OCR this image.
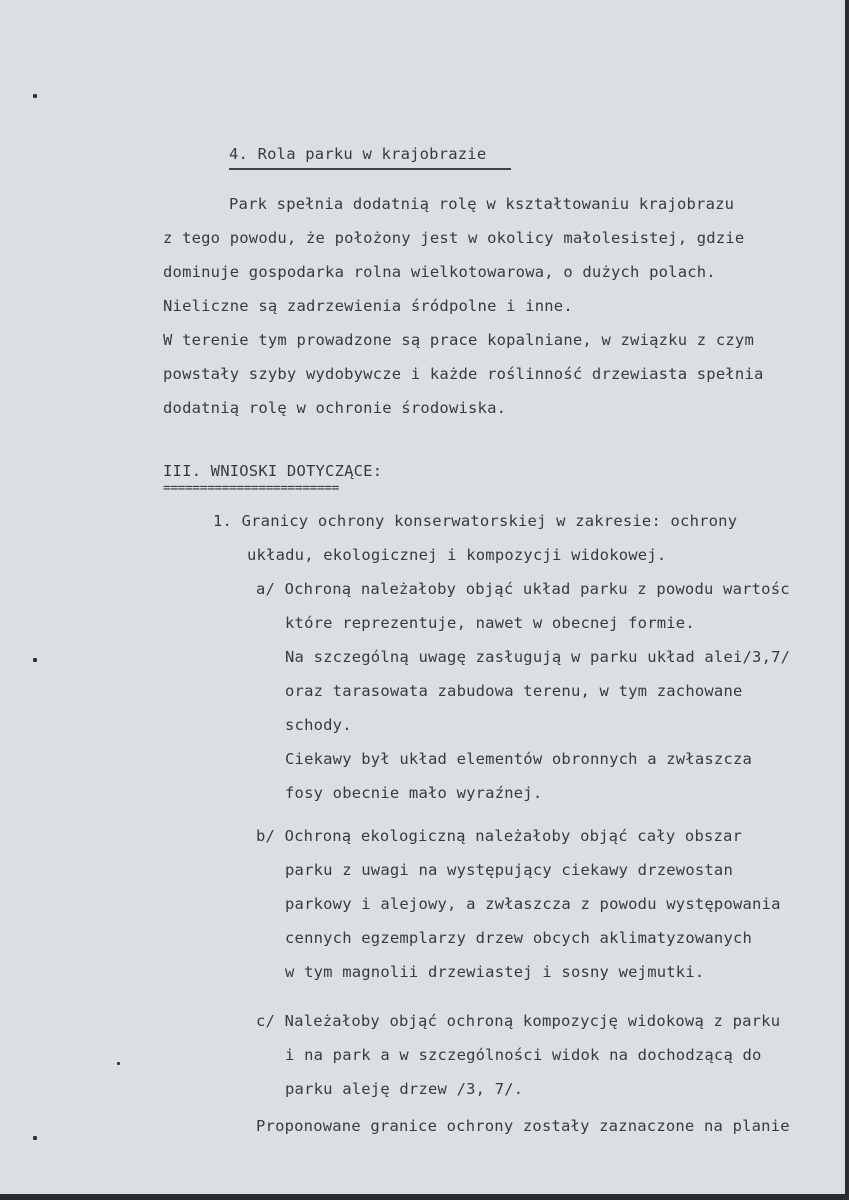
4. Rola parku w krajobrazie
Park spełnia dodatnią rolę w kształtowaniu krajobrazu
z tego powodu, że położony jest w okolicy małolesistej, gdzie
dominuje gospodarka rolna wielkotowarowa, o dużych polach.
Nieliczne są zadrzewienia śródpolne i inne.
W terenie tym prowadzone są prace kopalniane, w związku z czym
powstały szyby wydobywcze i każde roślinność drzewiasta spełnia
dodatnią rolę w ochronie środowiska.
III. WNIOSKI DOTYCZĄCE:
========================
1. Granicy ochrony konserwatorskiej w zakresie: ochrony
układu, ekologicznej i kompozycji widokowej.
a/ Ochroną należałoby objąć układ parku z powodu wartośc
które reprezentuje, nawet w obecnej formie.
Na szczególną uwagę zasługują w parku układ alei/3,7/
oraz tarasowata zabudowa terenu, w tym zachowane
schody.
Ciekawy był układ elementów obronnych a zwłaszcza
fosy obecnie mało wyraźnej.
b/ Ochroną ekologiczną należałoby objąć cały obszar
parku z uwagi na występujący ciekawy drzewostan
parkowy i alejowy, a zwłaszcza z powodu występowania
cennych egzemplarzy drzew obcych aklimatyzowanych
w tym magnolii drzewiastej i sosny wejmutki.
c/ Należałoby objąć ochroną kompozycję widokową z parku
i na park a w szczególności widok na dochodzącą do
parku aleję drzew /3, 7/.
Proponowane granice ochrony zostały zaznaczone na planie
